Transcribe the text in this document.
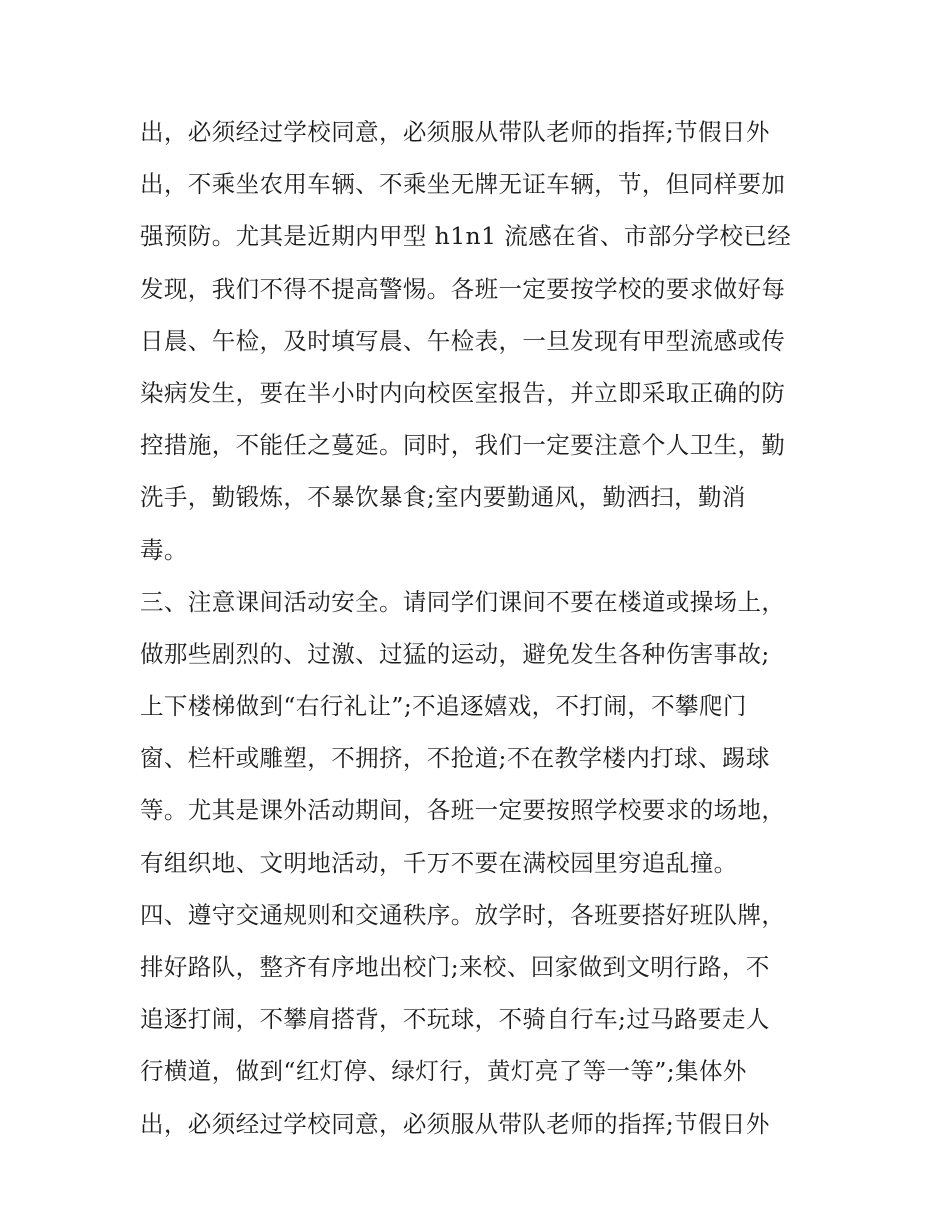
出，必须经过学校同意，必须服从带队老师的指挥;节假日外
出，不乘坐农用车辆、不乘坐无牌无证车辆，节，但同样要加
强预防。尤其是近期内甲型 h1n1 流感在省、市部分学校已经
发现，我们不得不提高警惕。各班一定要按学校的要求做好每
日晨、午检，及时填写晨、午检表，一旦发现有甲型流感或传
染病发生，要在半小时内向校医室报告，并立即采取正确的防
控措施，不能任之蔓延。同时，我们一定要注意个人卫生，勤
洗手，勤锻炼，不暴饮暴食;室内要勤通风，勤洒扫，勤消
毒。
三、注意课间活动安全。请同学们课间不要在楼道或操场上，
做那些剧烈的、过激、过猛的运动，避免发生各种伤害事故;
上下楼梯做到“右行礼让”;不追逐嬉戏，不打闹，不攀爬门
窗、栏杆或雕塑，不拥挤，不抢道;不在教学楼内打球、踢球
等。尤其是课外活动期间，各班一定要按照学校要求的场地，
有组织地、文明地活动，千万不要在满校园里穷追乱撞。
四、遵守交通规则和交通秩序。放学时，各班要搭好班队牌，
排好路队，整齐有序地出校门;来校、回家做到文明行路，不
追逐打闹，不攀肩搭背，不玩球，不骑自行车;过马路要走人
行横道，做到“红灯停、绿灯行，黄灯亮了等一等”;集体外
出，必须经过学校同意，必须服从带队老师的指挥;节假日外
